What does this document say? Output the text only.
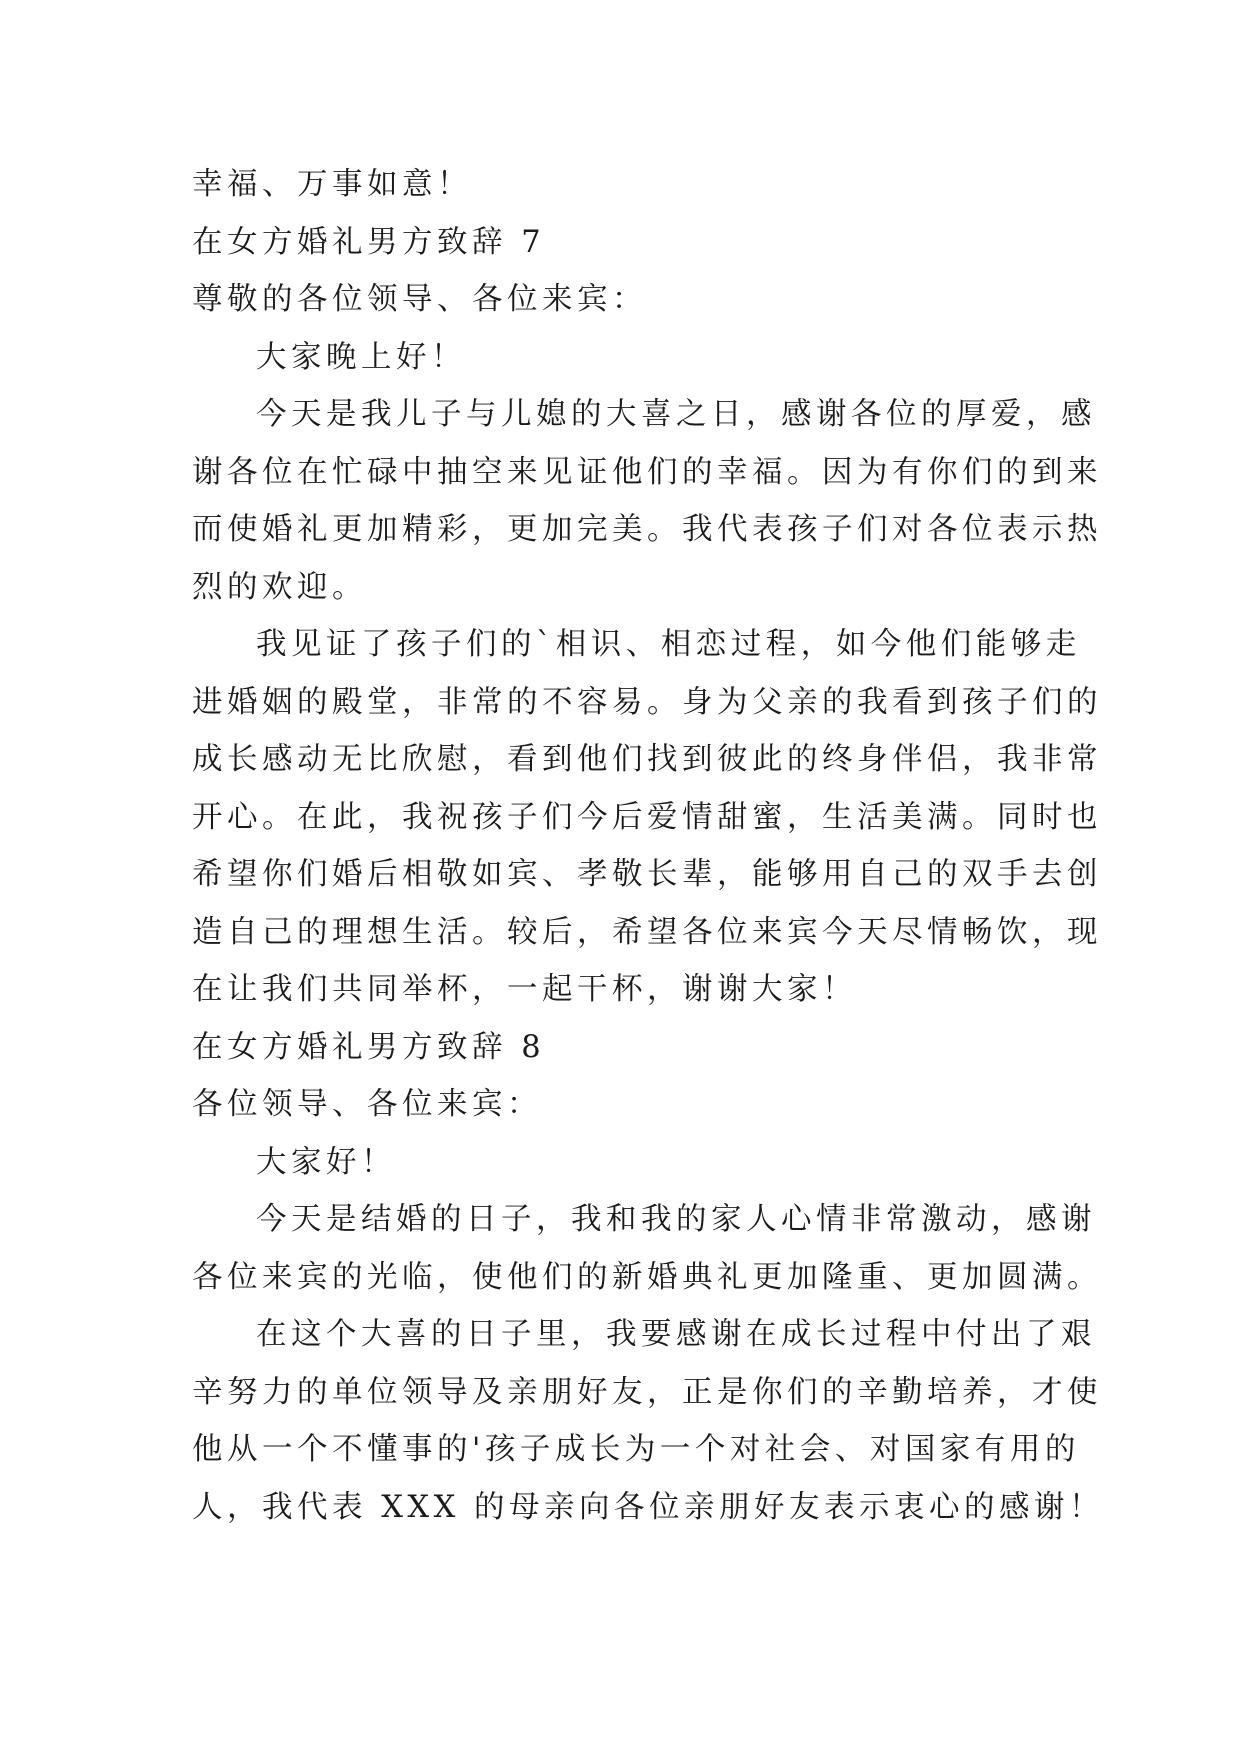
幸福、万事如意！

在女方婚礼男方致辞 7

尊敬的各位领导、各位来宾：

大家晚上好！

今天是我儿子与儿媳的大喜之日，感谢各位的厚爱，感

谢各位在忙碌中抽空来见证他们的幸福。因为有你们的到来

而使婚礼更加精彩，更加完美。我代表孩子们对各位表示热

烈的欢迎。

我见证了孩子们的`相识、相恋过程，如今他们能够走

进婚姻的殿堂，非常的不容易。身为父亲的我看到孩子们的

成长感动无比欣慰，看到他们找到彼此的终身伴侣，我非常

开心。在此，我祝孩子们今后爱情甜蜜，生活美满。同时也

希望你们婚后相敬如宾、孝敬长辈，能够用自己的双手去创

造自己的理想生活。较后，希望各位来宾今天尽情畅饮，现

在让我们共同举杯，一起干杯，谢谢大家！

在女方婚礼男方致辞 8

各位领导、各位来宾：

大家好！

今天是结婚的日子，我和我的家人心情非常激动，感谢

各位来宾的光临，使他们的新婚典礼更加隆重、更加圆满。

在这个大喜的日子里，我要感谢在成长过程中付出了艰

辛努力的单位领导及亲朋好友，正是你们的辛勤培养，才使

他从一个不懂事的'孩子成长为一个对社会、对国家有用的

人，我代表 XXX 的母亲向各位亲朋好友表示衷心的感谢！
